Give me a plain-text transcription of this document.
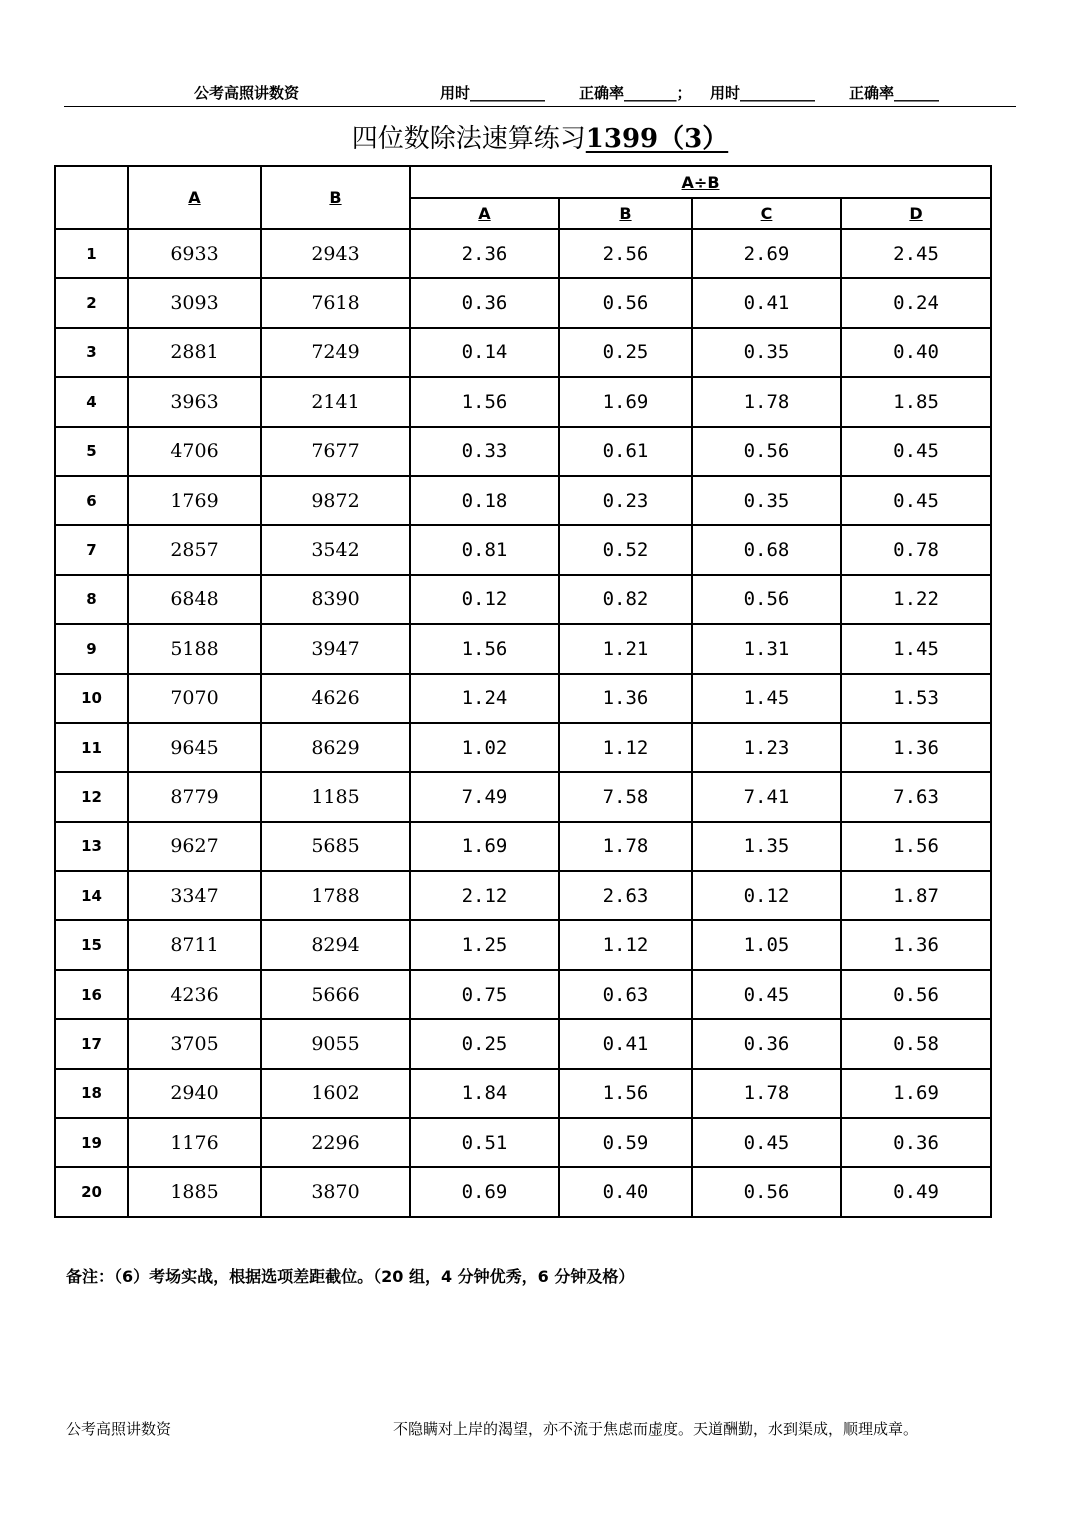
公考高照讲数资	用时__________ 正确率_______； 用时__________ 正确率______
四位数除法速算练习1399（3）
	A	B	A÷B			
			A	B	C	D
1	6933	2943	2.36	2.56	2.69	2.45
2	3093	7618	0.36	0.56	0.41	0.24
3	2881	7249	0.14	0.25	0.35	0.40
4	3963	2141	1.56	1.69	1.78	1.85
5	4706	7677	0.33	0.61	0.56	0.45
6	1769	9872	0.18	0.23	0.35	0.45
7	2857	3542	0.81	0.52	0.68	0.78
8	6848	8390	0.12	0.82	0.56	1.22
9	5188	3947	1.56	1.21	1.31	1.45
10	7070	4626	1.24	1.36	1.45	1.53
11	9645	8629	1.02	1.12	1.23	1.36
12	8779	1185	7.49	7.58	7.41	7.63
13	9627	5685	1.69	1.78	1.35	1.56
14	3347	1788	2.12	2.63	0.12	1.87
15	8711	8294	1.25	1.12	1.05	1.36
16	4236	5666	0.75	0.63	0.45	0.56
17	3705	9055	0.25	0.41	0.36	0.58
18	2940	1602	1.84	1.56	1.78	1.69
19	1176	2296	0.51	0.59	0.45	0.36
20	1885	3870	0.69	0.40	0.56	0.49
备注：（6）考场实战，根据选项差距截位。（20 组，4 分钟优秀，6 分钟及格）
公考高照讲数资	不隐瞒对上岸的渴望，亦不流于焦虑而虚度。天道酬勤，水到渠成，顺理成章。
